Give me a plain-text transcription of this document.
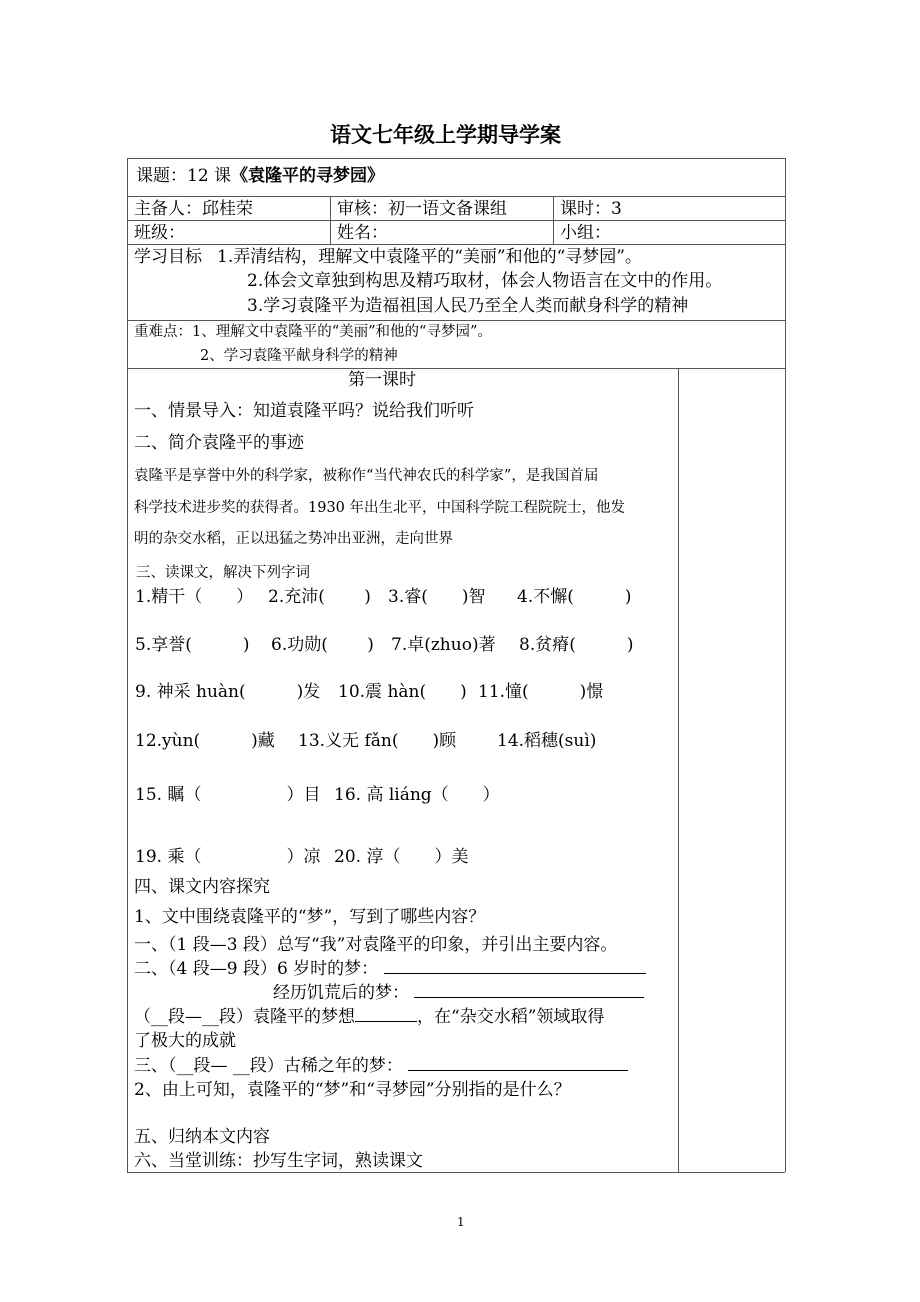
语文七年级上学期导学案
课题：12 课《袁隆平的寻梦园》
主备人：邱桂荣	审核：初一语文备课组	课时：3
班级：	姓名：	小组：
学习目标 1.弄清结构，理解文中袁隆平的“美丽”和他的“寻梦园”。
2.体会文章独到构思及精巧取材，体会人物语言在文中的作用。
3.学习袁隆平为造福祖国人民乃至全人类而献身科学的精神
重难点：1、理解文中袁隆平的“美丽”和他的“寻梦园”。
2、学习袁隆平献身科学的精神
第一课时
一、情景导入：知道袁隆平吗？说给我们听听
二、简介袁隆平的事迹
袁隆平是享誉中外的科学家，被称作“当代神农氏的科学家”，是我国首届
科学技术进步奖的获得者。1930 年出生北平，中国科学院工程院院士，他发
明的杂交水稻，正以迅猛之势冲出亚洲，走向世界
三、读课文，解决下列字词
1.精干（　　） 2.充沛(　　 ) 3.睿(　　)智 4.不懈(　　　)
5.享誉(　　　) 6.功勋(　　 ) 7.卓(zhuo)著 8.贫瘠(　　　)
9. 神采 huàn(　　　)发 10.震 hàn(　　) 11.憧(　　　)憬
12.yùn(　　　)藏 13.义无 fǎn(　　)顾 14.稻穗(suì)
15. 瞩（　　　　　）目 16. 高 liáng（　　）
19. 乘（　　　　　）凉 20. 淳（　　）美
四、课文内容探究
1、文中围绕袁隆平的“梦”，写到了哪些内容？
一、（1 段—3 段）总写“我”对袁隆平的印象，并引出主要内容。
二、（4 段—9 段）6 岁时的梦：
经历饥荒后的梦：
（__段—__段）袁隆平的梦想	，在“杂交水稻”领域取得
了极大的成就
三、（__段— __段）古稀之年的梦：
2、由上可知，袁隆平的“梦”和“寻梦园”分别指的是什么？
五、归纳本文内容
六、当堂训练：抄写生字词，熟读课文
1
